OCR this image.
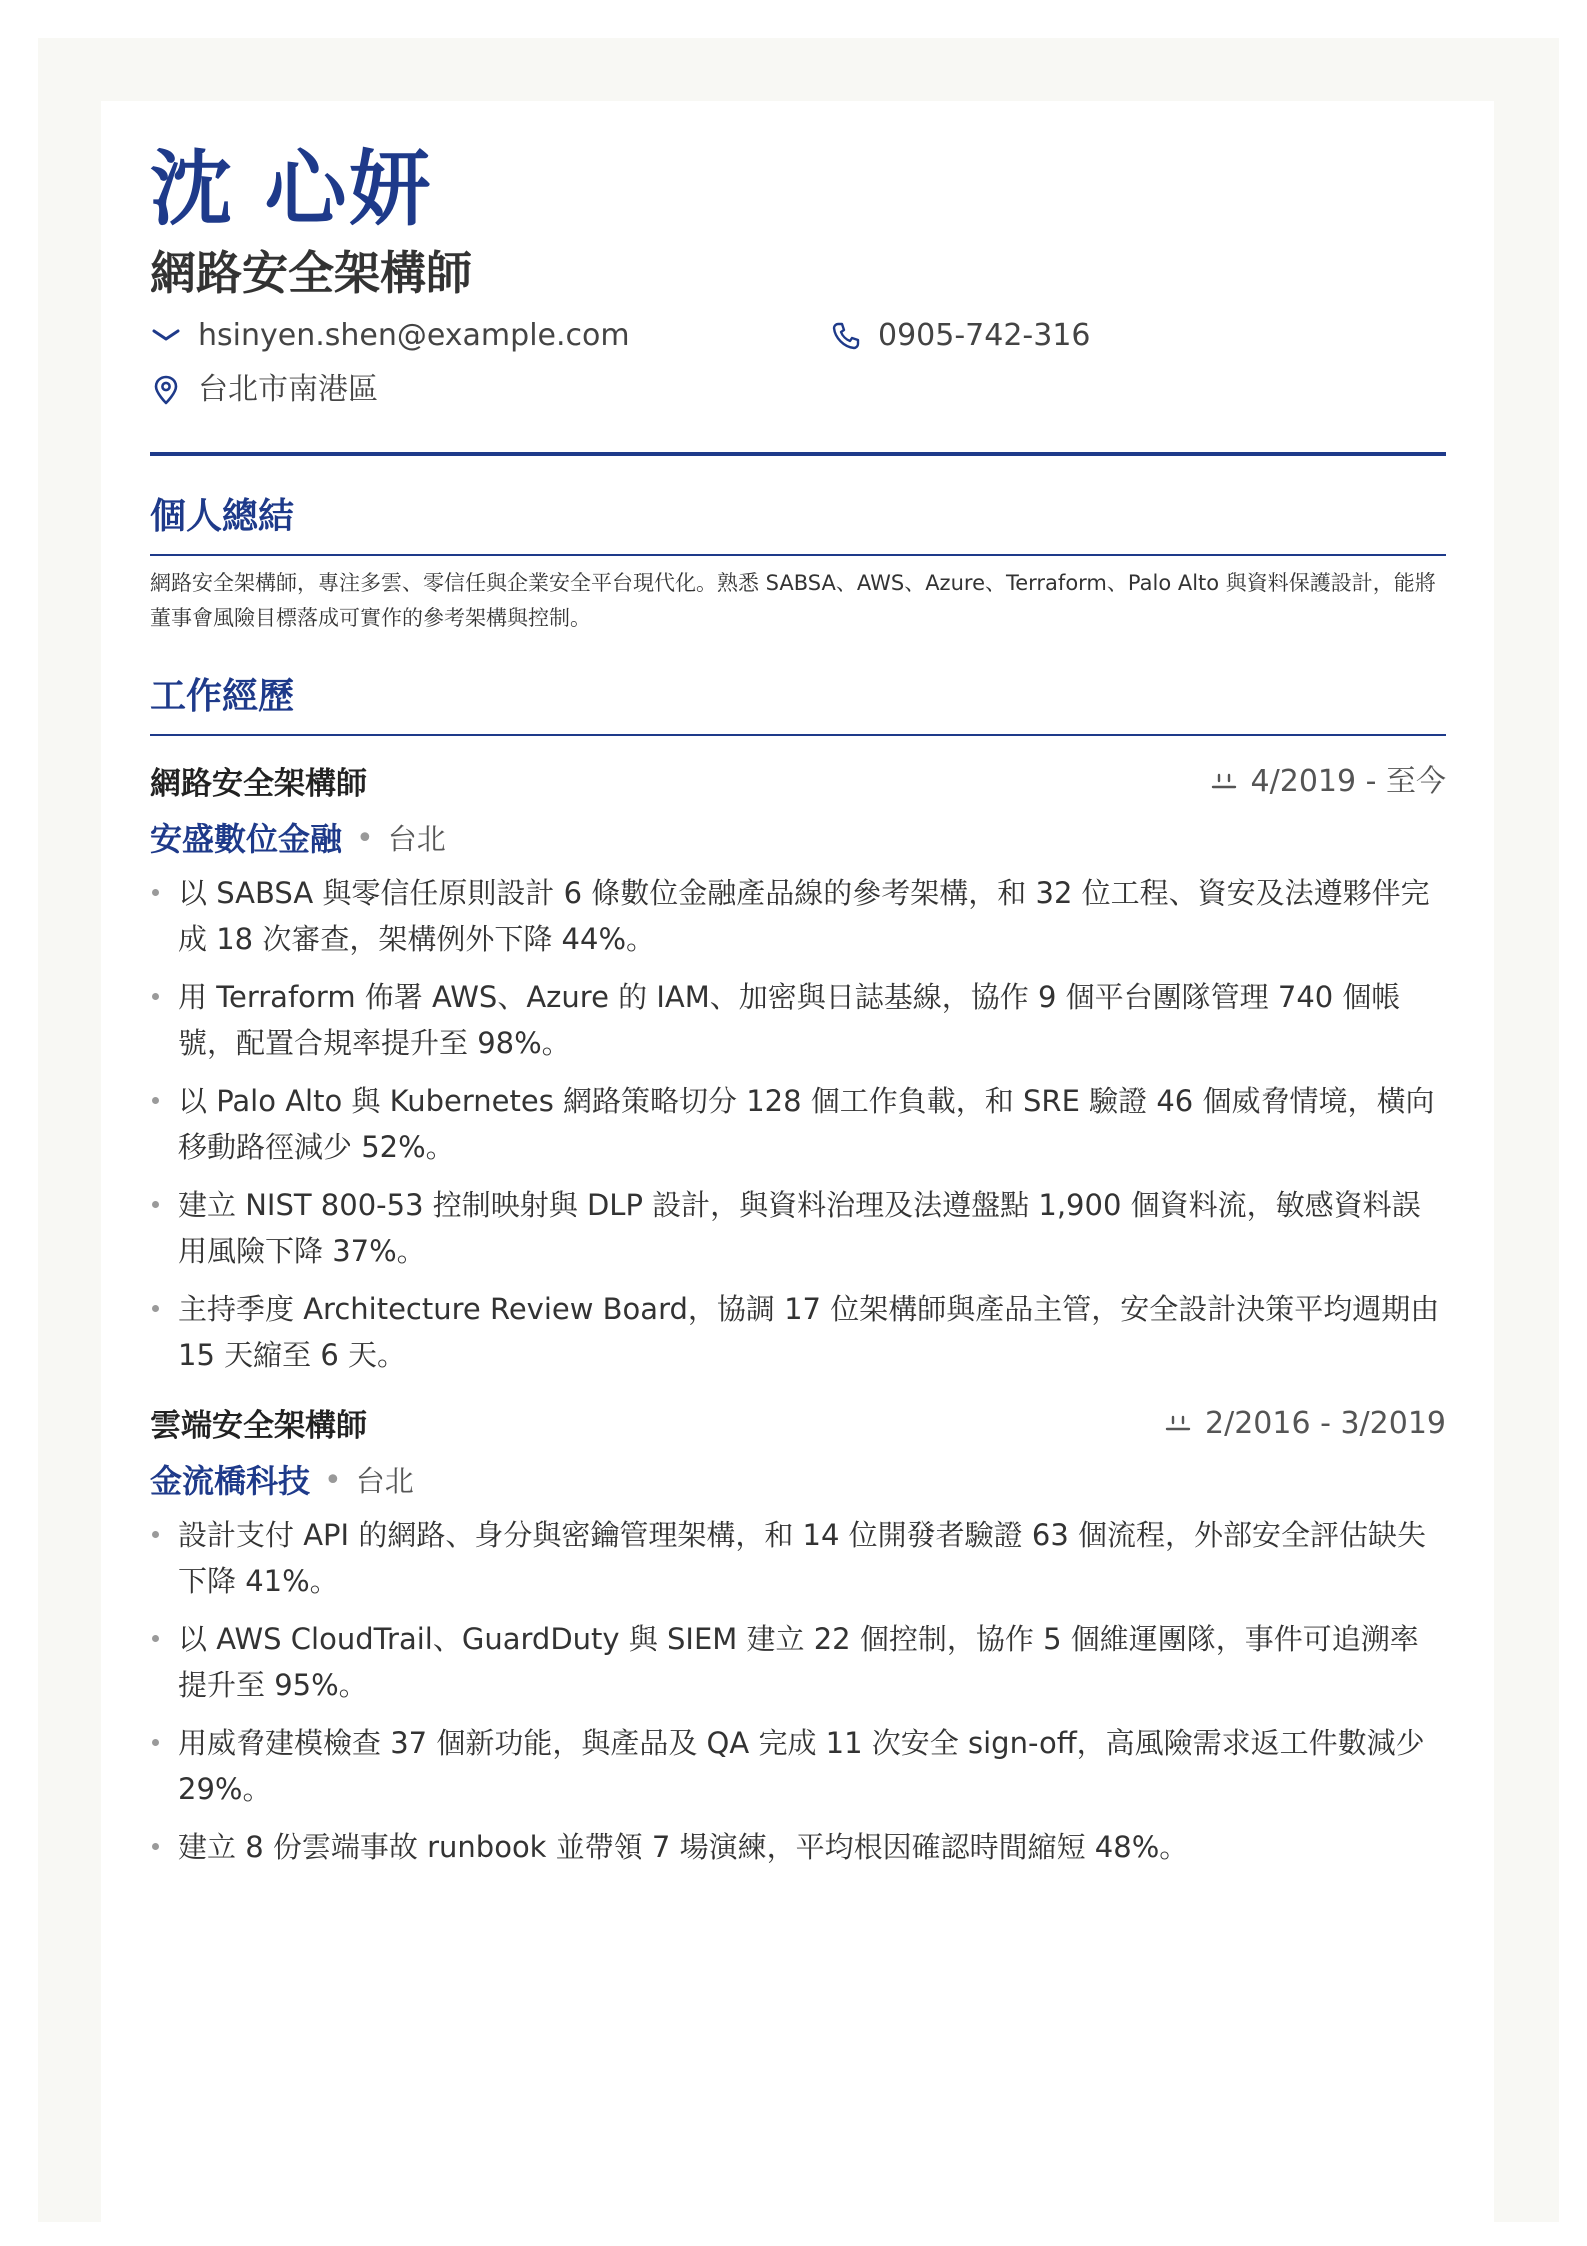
沈 心妍
網路安全架構師
hsinyen.shen@example.com	0905-742-316
台北市南港區
個人總結
網路安全架構師，專注多雲、零信任與企業安全平台現代化。熟悉 SABSA、AWS、Azure、Terraform、Palo Alto 與資料保護設計，能將董事會風險目標落成可實作的參考架構與控制。
工作經歷
網路安全架構師	4/2019 - 至今
安盛數位金融 • 台北
以 SABSA 與零信任原則設計 6 條數位金融產品線的參考架構，和 32 位工程、資安及法遵夥伴完成 18 次審查，架構例外下降 44%。
用 Terraform 佈署 AWS、Azure 的 IAM、加密與日誌基線，協作 9 個平台團隊管理 740 個帳號，配置合規率提升至 98%。
以 Palo Alto 與 Kubernetes 網路策略切分 128 個工作負載，和 SRE 驗證 46 個威脅情境，橫向移動路徑減少 52%。
建立 NIST 800-53 控制映射與 DLP 設計，與資料治理及法遵盤點 1,900 個資料流，敏感資料誤用風險下降 37%。
主持季度 Architecture Review Board，協調 17 位架構師與產品主管，安全設計決策平均週期由 15 天縮至 6 天。
雲端安全架構師	2/2016 - 3/2019
金流橋科技 • 台北
設計支付 API 的網路、身分與密鑰管理架構，和 14 位開發者驗證 63 個流程，外部安全評估缺失下降 41%。
以 AWS CloudTrail、GuardDuty 與 SIEM 建立 22 個控制，協作 5 個維運團隊，事件可追溯率提升至 95%。
用威脅建模檢查 37 個新功能，與產品及 QA 完成 11 次安全 sign-off，高風險需求返工件數減少 29%。
建立 8 份雲端事故 runbook 並帶領 7 場演練，平均根因確認時間縮短 48%。
